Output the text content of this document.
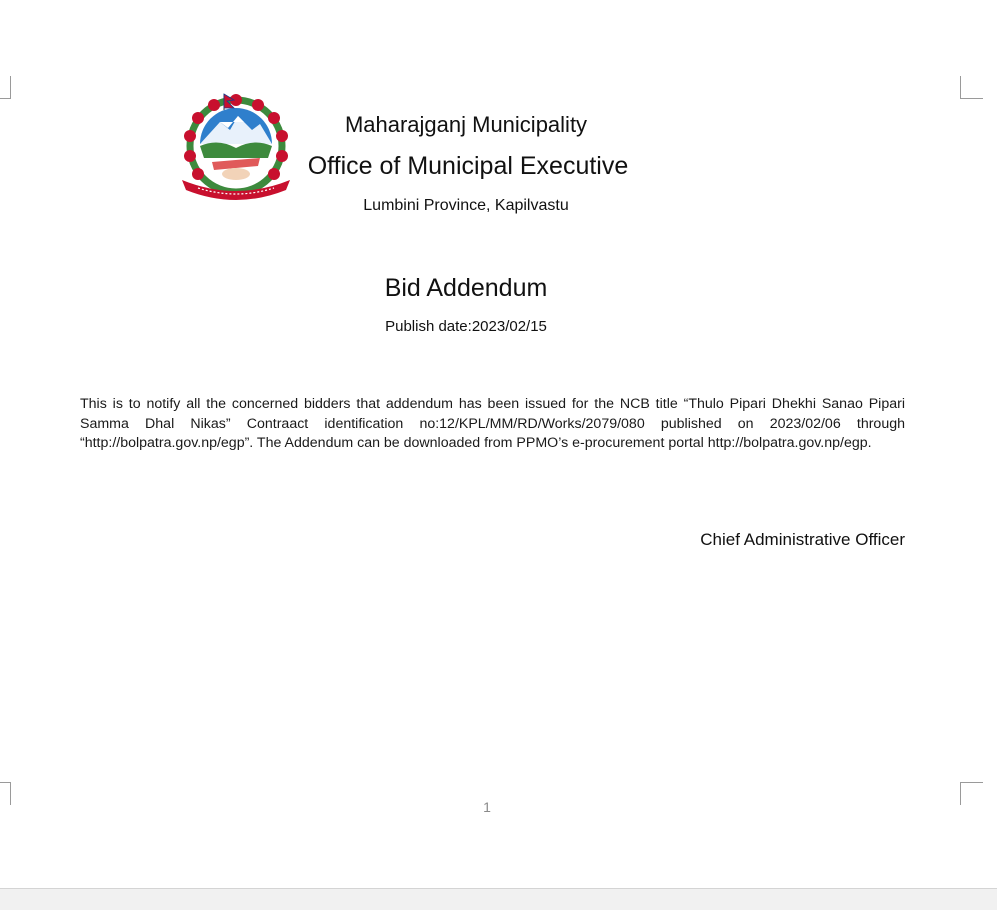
Maharajganj Municipality
Office of Municipal Executive
Lumbini Province, Kapilvastu
Bid Addendum
Publish date:2023/02/15
This is to notify all the concerned bidders that addendum has been issued for the NCB title “Thulo Pipari Dhekhi Sanao Pipari Samma Dhal Nikas” Contraact identification no:12/KPL/MM/RD/Works/2079/080 published on 2023/02/06 through “http://bolpatra.gov.np/egp”. The Addendum can be downloaded from PPMO’s e-procurement portal http://bolpatra.gov.np/egp.
Chief Administrative Officer
1
